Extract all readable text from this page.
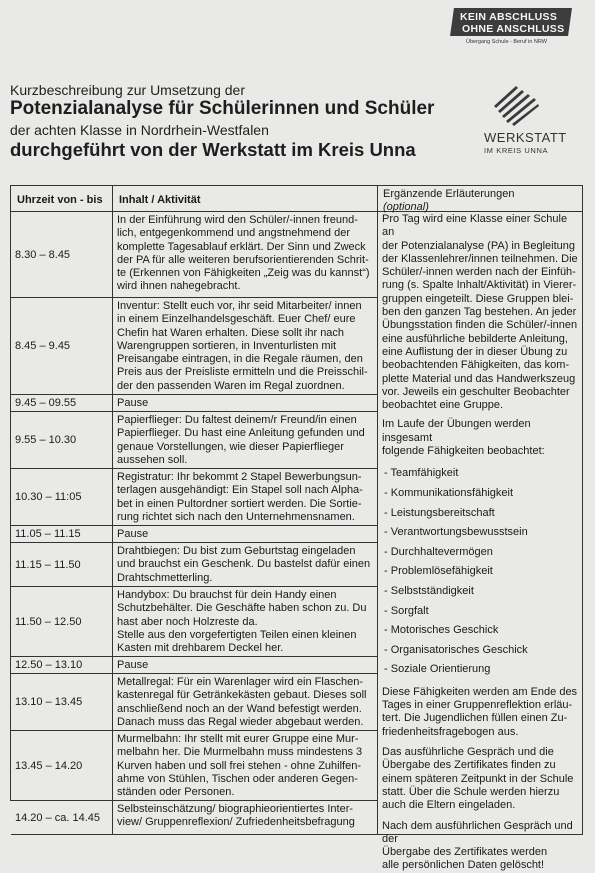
KEIN ABSCHLUSS
OHNE ANSCHLUSS
Übergang Schule - Beruf in NRW
WERKSTATT
IM KREIS UNNA
Kurzbeschreibung zur Umsetzung der
Potenzialanalyse für Schülerinnen und Schüler
der achten Klasse in Nordrhein-Westfalen
durchgeführt von der Werkstatt im Kreis Unna
Uhrzeit von - bis	Inhalt / Aktivität	Ergänzende Erläuterungen
(optional)
8.30 – 8.45
In der Einführung wird den Schüler/-innen freund-
lich, entgegenkommend und angstnehmend der
komplette Tagesablauf erklärt. Der Sinn und Zweck
der PA für alle weiteren berufsorientierenden Schrit-
te (Erkennen von Fähigkeiten „Zeig was du kannst“)
wird ihnen nahegebracht.
8.45 – 9.45
Inventur: Stellt euch vor, ihr seid Mitarbeiter/ innen
in einem Einzelhandelsgeschäft. Euer Chef/ eure
Chefin hat Waren erhalten. Diese sollt ihr nach
Warengruppen sortieren, in Inventurlisten mit
Preisangabe eintragen, in die Regale räumen, den
Preis aus der Preisliste ermitteln und die Preisschil-
der den passenden Waren im Regal zuordnen.
9.45 – 09.55	Pause
9.55 – 10.30
Papierflieger: Du faltest deinem/r Freund/in einen
Papierflieger. Du hast eine Anleitung gefunden und
genaue Vorstellungen, wie dieser Papierflieger
aussehen soll.
10.30 – 11:05
Registratur: Ihr bekommt 2 Stapel Bewerbungsun-
terlagen ausgehändigt: Ein Stapel soll nach Alpha-
bet in einen Pultordner sortiert werden. Die Sortie-
rung richtet sich nach den Unternehmensnamen.
11.05 – 11.15	Pause
11.15 – 11.50
Drahtbiegen: Du bist zum Geburtstag eingeladen
und brauchst ein Geschenk. Du bastelst dafür einen
Drahtschmetterling.
11.50 – 12.50
Handybox: Du brauchst für dein Handy einen
Schutzbehälter. Die Geschäfte haben schon zu. Du
hast aber noch Holzreste da.
Stelle aus den vorgefertigten Teilen einen kleinen
Kasten mit drehbarem Deckel her.
12.50 – 13.10	Pause
13.10 – 13.45
Metallregal: Für ein Warenlager wird ein Flaschen-
kastenregal für Getränkekästen gebaut. Dieses soll
anschließend noch an der Wand befestigt werden.
Danach muss das Regal wieder abgebaut werden.
13.45 – 14.20
Murmelbahn: Ihr stellt mit eurer Gruppe eine Mur-
melbahn her. Die Murmelbahn muss mindestens 3
Kurven haben und soll frei stehen - ohne Zuhilfen-
ahme von Stühlen, Tischen oder anderen Gegen-
ständen oder Personen.
14.20 – ca. 14.45
Selbsteinschätzung/ biographieorientiertes Inter-
view/ Gruppenreflexion/ Zufriedenheitsbefragung
Pro Tag wird eine Klasse einer Schule an
der Potenzialanalyse (PA) in Begleitung
der Klassenlehrer/innen teilnehmen. Die
Schüler/-innen werden nach der Einfüh-
rung (s. Spalte Inhalt/Aktivität) in Vierer-
gruppen eingeteilt. Diese Gruppen blei-
ben den ganzen Tag bestehen. An jeder
Übungsstation finden die Schüler/-innen
eine ausführliche bebilderte Anleitung,
eine Auflistung der in dieser Übung zu
beobachtenden Fähigkeiten, das kom-
plette Material und das Handwerkszeug
vor. Jeweils ein geschulter Beobachter
beobachtet eine Gruppe.
Im Laufe der Übungen werden insgesamt
folgende Fähigkeiten beobachtet:
- Teamfähigkeit
- Kommunikationsfähigkeit
- Leistungsbereitschaft
- Verantwortungsbewusstsein
- Durchhaltevermögen
- Problemlösefähigkeit
- Selbstständigkeit
- Sorgfalt
- Motorisches Geschick
- Organisatorisches Geschick
- Soziale Orientierung
Diese Fähigkeiten werden am Ende des
Tages in einer Gruppenreflektion erläu-
tert. Die Jugendlichen füllen einen Zu-
friedenheitsfragebogen aus.
Das ausführliche Gespräch und die
Übergabe des Zertifikates finden zu
einem späteren Zeitpunkt in der Schule
statt. Über die Schule werden hierzu
auch die Eltern eingeladen.
Nach dem ausführlichen Gespräch und der
Übergabe des Zertifikates werden
alle persönlichen Daten gelöscht!
